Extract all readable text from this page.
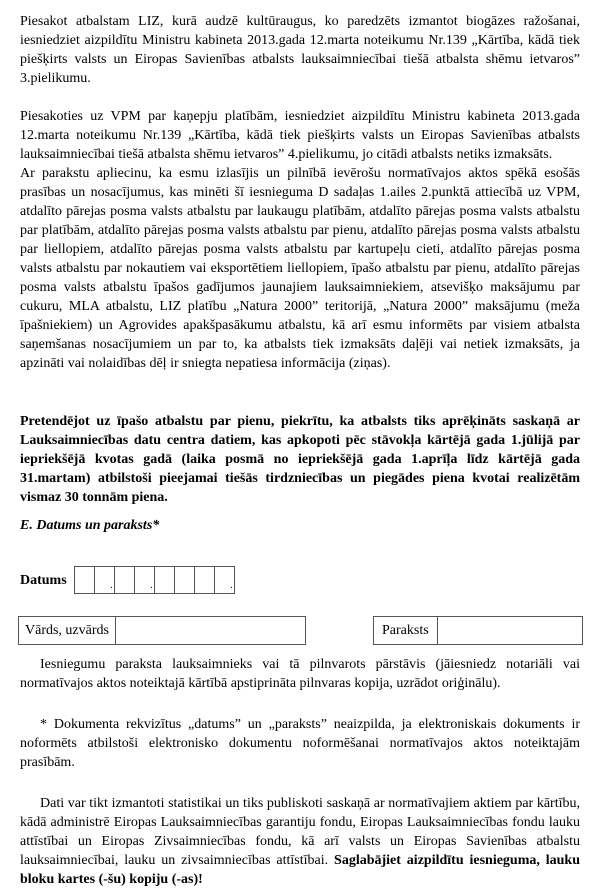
Piesakot atbalstam LIZ, kurā audzē kultūraugus, ko paredzēts izmantot biogāzes ražošanai, iesniedziet aizpildītu Ministru kabineta 2013.gada 12.marta noteikumu Nr.139 „Kārtība, kādā tiek piešķirts valsts un Eiropas Savienības atbalsts lauksaimniecībai tiešā atbalsta shēmu ietvaros” 3.pielikumu.

Piesakoties uz VPM par kaņepju platībām, iesniedziet aizpildītu Ministru kabineta 2013.gada 12.marta noteikumu Nr.139 „Kārtība, kādā tiek piešķirts valsts un Eiropas Savienības atbalsts lauksaimniecībai tiešā atbalsta shēmu ietvaros” 4.pielikumu, jo citādi atbalsts netiks izmaksāts.

Ar parakstu apliecinu, ka esmu izlasījis un pilnībā ievērošu normatīvajos aktos spēkā esošās prasības un nosacījumus, kas minēti šī iesnieguma D sadaļas 1.ailes 2.punktā attiecībā uz VPM, atdalīto pārejas posma valsts atbalstu par laukaugu platībām, atdalīto pārejas posma valsts atbalstu par platībām, atdalīto pārejas posma valsts atbalstu par pienu, atdalīto pārejas posma valsts atbalstu par liellopiem, atdalīto pārejas posma valsts atbalstu par kartupeļu cieti, atdalīto pārejas posma valsts atbalstu par nokautiem vai eksportētiem liellopiem, īpašo atbalstu par pienu, atdalīto pārejas posma valsts atbalstu īpašos gadījumos jaunajiem lauksaimniekiem, atsevišķo maksājumu par cukuru, MLA atbalstu, LIZ platību „Natura 2000” teritorijā, „Natura 2000” maksājumu (meža īpašniekiem) un Agrovides apakšpasākumu atbalstu, kā arī esmu informēts par visiem atbalsta saņemšanas nosacījumiem un par to, ka atbalsts tiek izmaksāts daļēji vai netiek izmaksāts, ja apzināti vai nolaidības dēļ ir sniegta nepatiesa informācija (ziņas).

Pretendējot uz īpašo atbalstu par pienu, piekrītu, ka atbalsts tiks aprēķināts saskaņā ar Lauksaimniecības datu centra datiem, kas apkopoti pēc stāvokļa kārtējā gada 1.jūlijā par iepriekšējā kvotas gadā (laika posmā no iepriekšējā gada 1.aprīļa līdz kārtējā gada 31.martam) atbilstoši pieejamai tiešās tirdzniecības un piegādes piena kvotai realizētām vismaz 30 tonnām piena.

E. Datums un paraksts*
Datums	.	.	.
Vārds, uzvārds	Paraksts

Iesniegumu paraksta lauksaimnieks vai tā pilnvarots pārstāvis (jāiesniedz notariāli vai normatīvajos aktos noteiktajā kārtībā apstiprināta pilnvaras kopija, uzrādot oriģinālu).

* Dokumenta rekvizītus „datums” un „paraksts” neaizpilda, ja elektroniskais dokuments ir noformēts atbilstoši elektronisko dokumentu noformēšanai normatīvajos aktos noteiktajām prasībām.

Dati var tikt izmantoti statistikai un tiks publiskoti saskaņā ar normatīvajiem aktiem par kārtību, kādā administrē Eiropas Lauksaimniecības garantiju fondu, Eiropas Lauksaimniecības fondu lauku attīstībai un Eiropas Zivsaimniecības fondu, kā arī valsts un Eiropas Savienības atbalstu lauksaimniecībai, lauku un zivsaimniecības attīstībai. Saglabājiet aizpildītu iesnieguma, lauku bloku kartes (-šu) kopiju (-as)!
